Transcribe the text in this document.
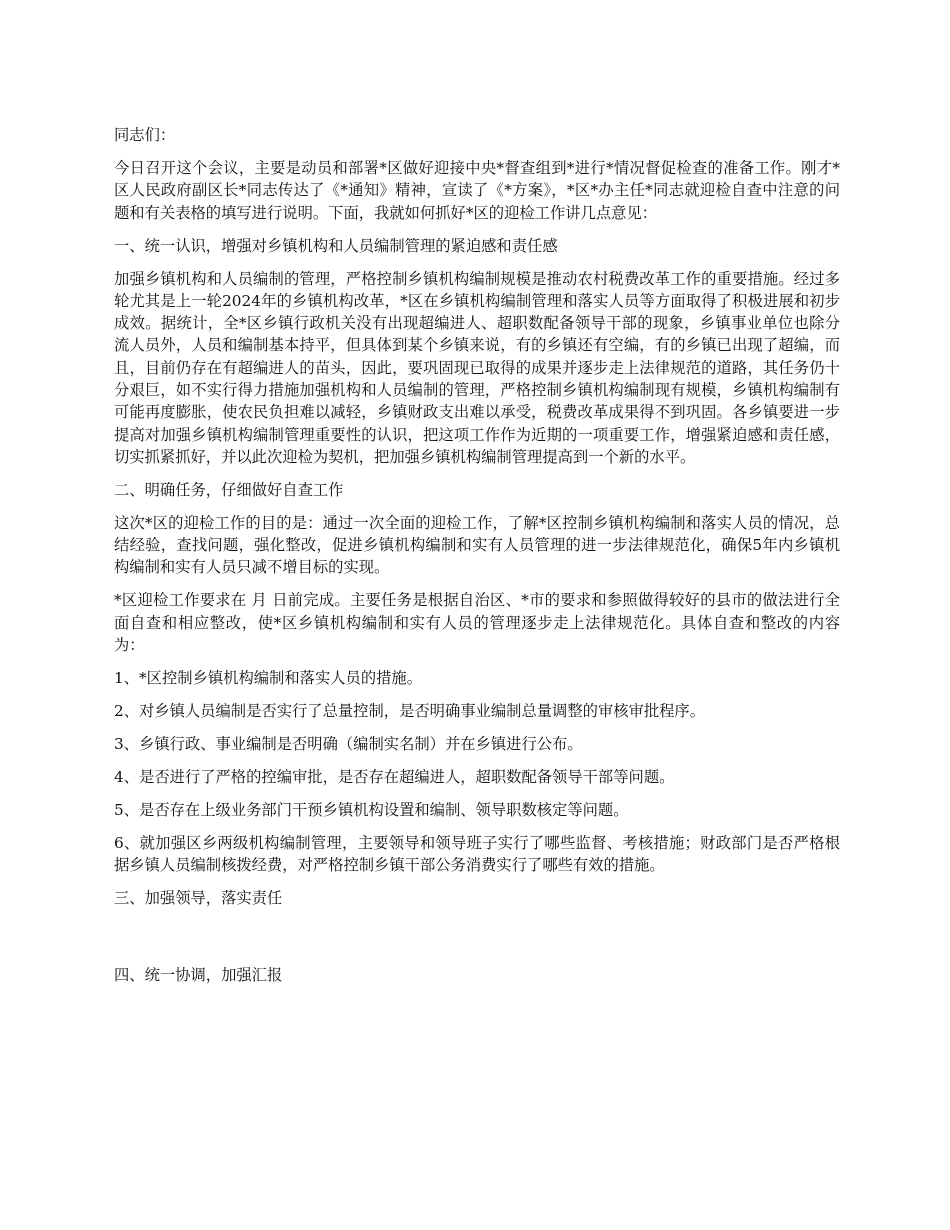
同志们：

今日召开这个会议，主要是动员和部署*区做好迎接中央*督查组到*进行*情况督促检查的准备工作。刚才*区人民政府副区长*同志传达了《*通知》精神，宣读了《*方案》，*区*办主任*同志就迎检自查中注意的问题和有关表格的填写进行说明。下面，我就如何抓好*区的迎检工作讲几点意见：

一、统一认识，增强对乡镇机构和人员编制管理的紧迫感和责任感

加强乡镇机构和人员编制的管理，严格控制乡镇机构编制规模是推动农村税费改革工作的重要措施。经过多轮尤其是上一轮2024年的乡镇机构改革，*区在乡镇机构编制管理和落实人员等方面取得了积极进展和初步成效。据统计，全*区乡镇行政机关没有出现超编进人、超职数配备领导干部的现象，乡镇事业单位也除分流人员外，人员和编制基本持平，但具体到某个乡镇来说，有的乡镇还有空编，有的乡镇已出现了超编，而且，目前仍存在有超编进人的苗头，因此，要巩固现已取得的成果并逐步走上法律规范的道路，其任务仍十分艰巨，如不实行得力措施加强机构和人员编制的管理，严格控制乡镇机构编制现有规模，乡镇机构编制有可能再度膨胀，使农民负担难以减轻，乡镇财政支出难以承受，税费改革成果得不到巩固。各乡镇要进一步提高对加强乡镇机构编制管理重要性的认识，把这项工作作为近期的一项重要工作，增强紧迫感和责任感，切实抓紧抓好，并以此次迎检为契机，把加强乡镇机构编制管理提高到一个新的水平。

二、明确任务，仔细做好自查工作

这次*区的迎检工作的目的是：通过一次全面的迎检工作，了解*区控制乡镇机构编制和落实人员的情况，总结经验，查找问题，强化整改，促进乡镇机构编制和实有人员管理的进一步法律规范化，确保5年内乡镇机构编制和实有人员只减不增目标的实现。

*区迎检工作要求在 月 日前完成。主要任务是根据自治区、*市的要求和参照做得较好的县市的做法进行全面自查和相应整改，使*区乡镇机构编制和实有人员的管理逐步走上法律规范化。具体自查和整改的内容为：

1、*区控制乡镇机构编制和落实人员的措施。

2、对乡镇人员编制是否实行了总量控制，是否明确事业编制总量调整的审核审批程序。

3、乡镇行政、事业编制是否明确（编制实名制）并在乡镇进行公布。

4、是否进行了严格的控编审批，是否存在超编进人，超职数配备领导干部等问题。

5、是否存在上级业务部门干预乡镇机构设置和编制、领导职数核定等问题。

6、就加强区乡两级机构编制管理，主要领导和领导班子实行了哪些监督、考核措施；财政部门是否严格根据乡镇人员编制核拨经费，对严格控制乡镇干部公务消费实行了哪些有效的措施。

三、加强领导，落实责任

四、统一协调，加强汇报
